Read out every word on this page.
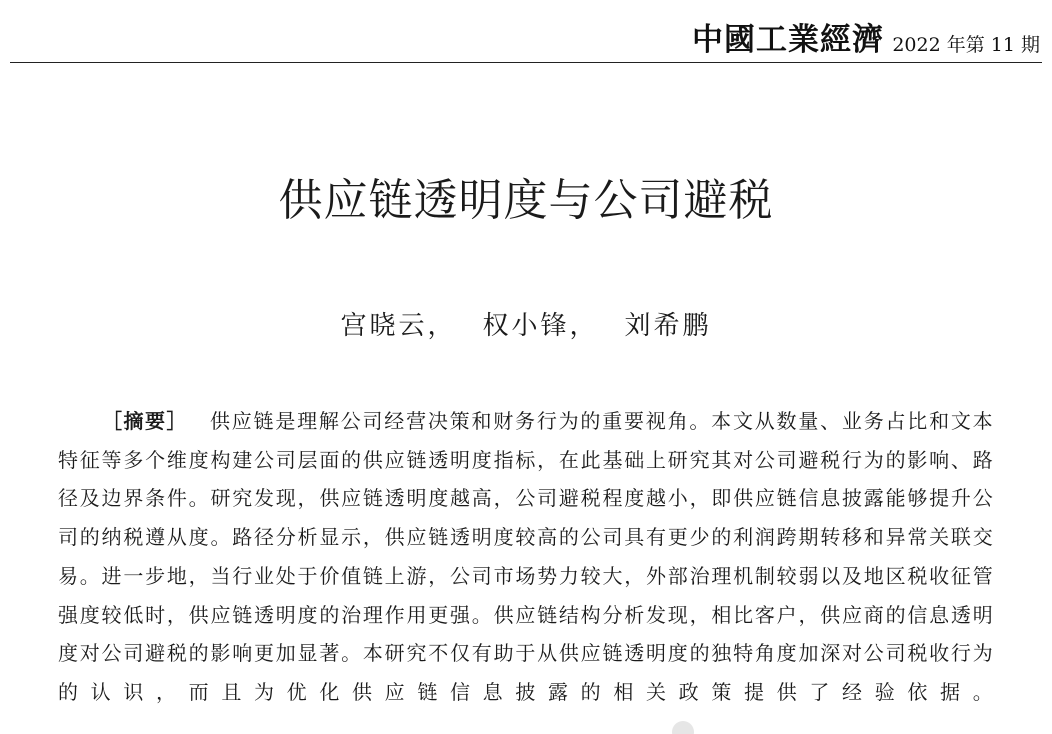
中國工業經濟 2022 年第 11 期
供应链透明度与公司避税
宫晓云， 权小锋， 刘希鹏

［摘要］ 供应链是理解公司经营决策和财务行为的重要视角。本文从数量、业务占比和文本特征等多个维度构建公司层面的供应链透明度指标，在此基础上研究其对公司避税行为的影响、路径及边界条件。研究发现，供应链透明度越高，公司避税程度越小，即供应链信息披露能够提升公司的纳税遵从度。路径分析显示，供应链透明度较高的公司具有更少的利润跨期转移和异常关联交易。进一步地，当行业处于价值链上游，公司市场势力较大，外部治理机制较弱以及地区税收征管强度较低时，供应链透明度的治理作用更强。供应链结构分析发现，相比客户，供应商的信息透明度对公司避税的影响更加显著。本研究不仅有助于从供应链透明度的独特角度加深对公司税收行为的认识，而且为优化供应链信息披露的相关政策提供了经验依据。
